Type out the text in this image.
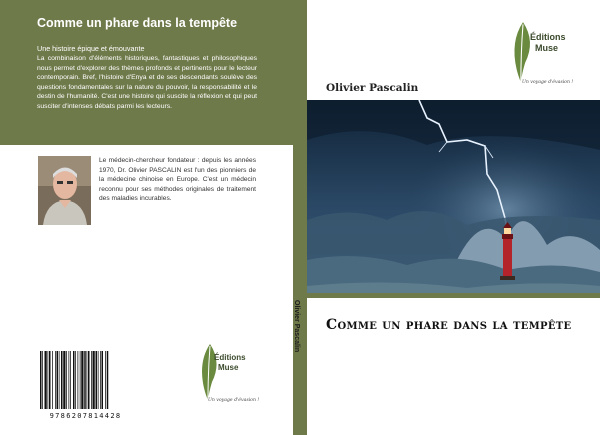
Comme un phare dans la tempête
Une histoire épique et émouvante
La combinaison d'éléments historiques, fantastiques et philosophiques nous permet d'explorer des thèmes profonds et pertinents pour le lecteur contemporain. Bref, l'histoire d'Enya et de ses descendants soulève des questions fondamentales sur la nature du pouvoir, la responsabilité et le destin de l'humanité. C'est une histoire qui suscite la réflexion et qui peut susciter d'intenses débats parmi les lecteurs.
Le médecin-chercheur fondateur : depuis les années 1970, Dr. Olivier PASCALIN est l'un des pionniers de la médecine chinoise en Europe. C'est un médecin reconnu pour ses méthodes originales de traitement des maladies incurables.
9786207814428
Éditions
Muse
Un voyage d'évasion !
Olivier Pascalin
Éditions
Muse
Un voyage d'évasion !
Olivier Pascalin
Comme un phare dans la tempête
